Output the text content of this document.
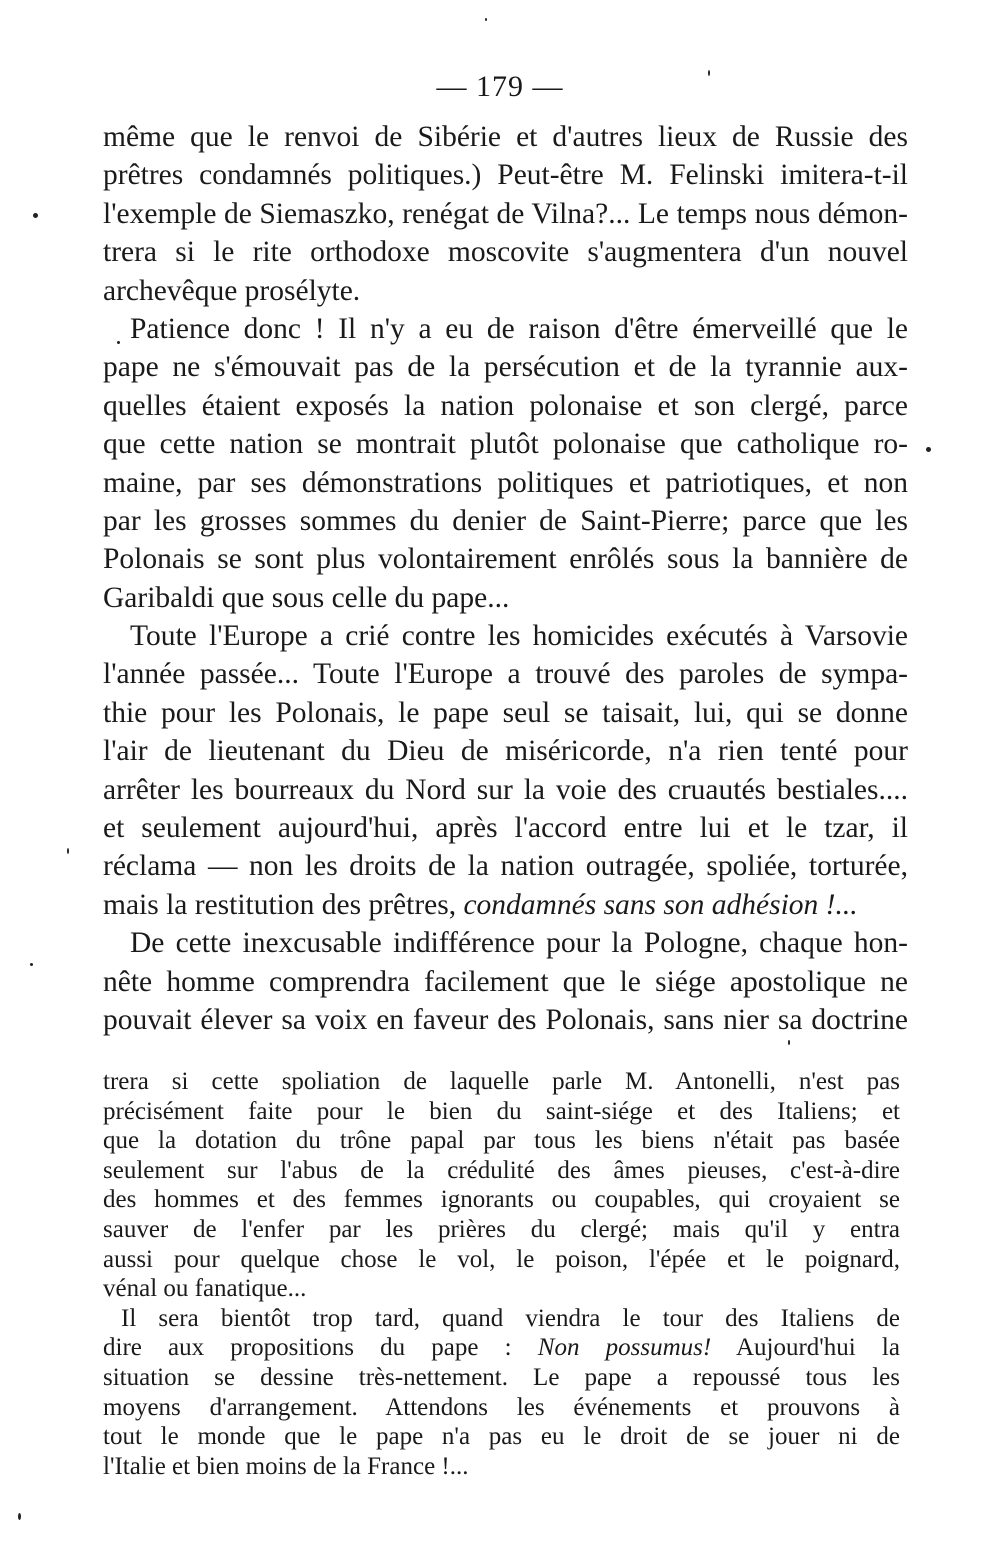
— 179 —
même que le renvoi de Sibérie et d'autres lieux de Russie des
prêtres condamnés politiques.) Peut-être M. Felinski imitera-t-il
l'exemple de Siemaszko, renégat de Vilna?... Le temps nous démon-
trera si le rite orthodoxe moscovite s'augmentera d'un nouvel
archevêque prosélyte.
Patience donc ! Il n'y a eu de raison d'être émerveillé que le
pape ne s'émouvait pas de la persécution et de la tyrannie aux-
quelles étaient exposés la nation polonaise et son clergé, parce
que cette nation se montrait plutôt polonaise que catholique ro-
maine, par ses démonstrations politiques et patriotiques, et non
par les grosses sommes du denier de Saint-Pierre; parce que les
Polonais se sont plus volontairement enrôlés sous la bannière de
Garibaldi que sous celle du pape...
Toute l'Europe a crié contre les homicides exécutés à Varsovie
l'année passée... Toute l'Europe a trouvé des paroles de sympa-
thie pour les Polonais, le pape seul se taisait, lui, qui se donne
l'air de lieutenant du Dieu de miséricorde, n'a rien tenté pour
arrêter les bourreaux du Nord sur la voie des cruautés bestiales....
et seulement aujourd'hui, après l'accord entre lui et le tzar, il
réclama — non les droits de la nation outragée, spoliée, torturée,
mais la restitution des prêtres, condamnés sans son adhésion !...
De cette inexcusable indifférence pour la Pologne, chaque hon-
nête homme comprendra facilement que le siége apostolique ne
pouvait élever sa voix en faveur des Polonais, sans nier sa doctrine
trera si cette spoliation de laquelle parle M. Antonelli, n'est pas
précisément faite pour le bien du saint-siége et des Italiens; et
que la dotation du trône papal par tous les biens n'était pas basée
seulement sur l'abus de la crédulité des âmes pieuses, c'est-à-dire
des hommes et des femmes ignorants ou coupables, qui croyaient se
sauver de l'enfer par les prières du clergé; mais qu'il y entra
aussi pour quelque chose le vol, le poison, l'épée et le poignard,
vénal ou fanatique...
Il sera bientôt trop tard, quand viendra le tour des Italiens de
dire aux propositions du pape : Non possumus! Aujourd'hui la
situation se dessine très-nettement. Le pape a repoussé tous les
moyens d'arrangement. Attendons les événements et prouvons à
tout le monde que le pape n'a pas eu le droit de se jouer ni de
l'Italie et bien moins de la France !...
